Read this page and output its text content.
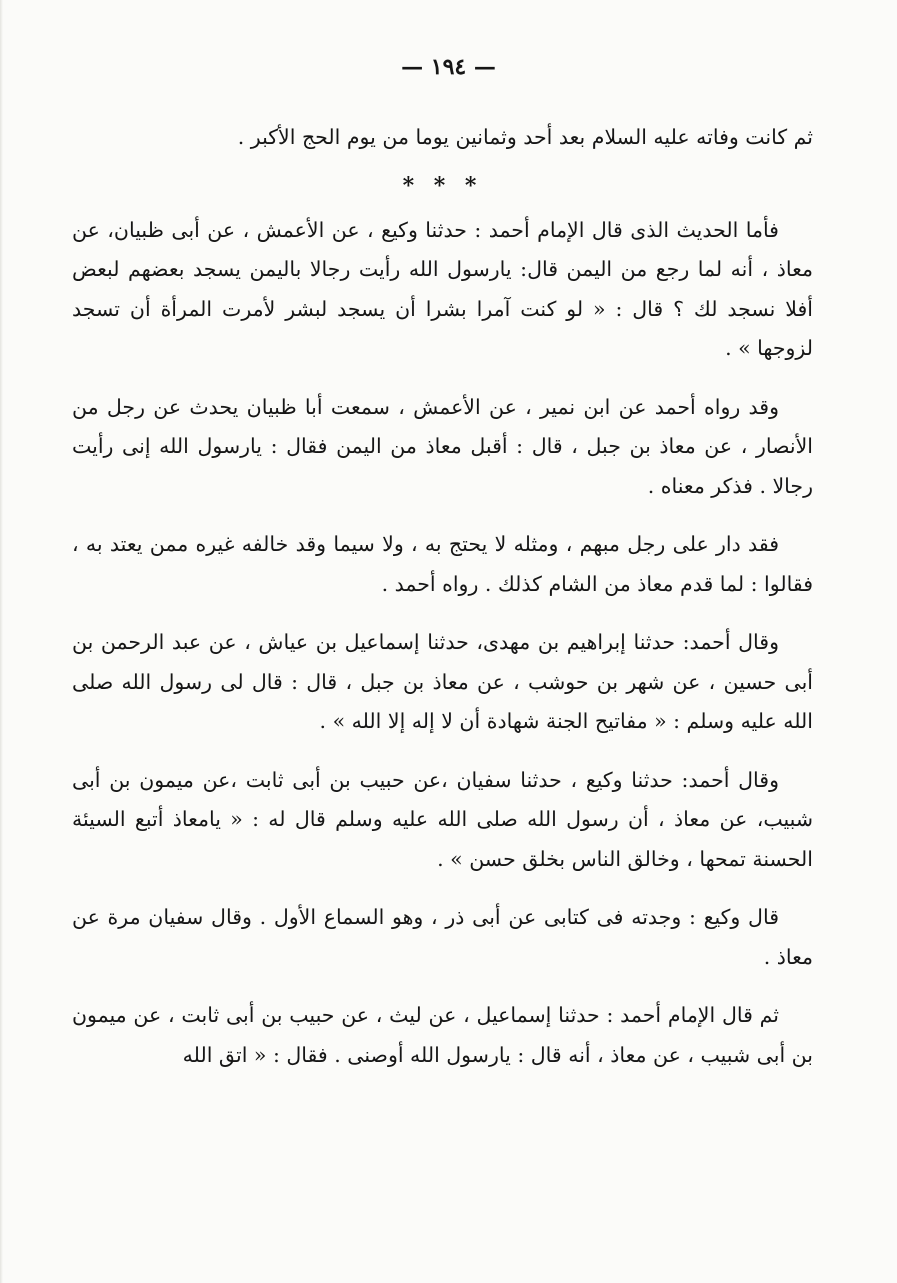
— ١٩٤ —

ثم كانت وفاته عليه السلام بعد أحد وثمانين يوما من يوم الحج الأكبر .

* * *

فأما الحديث الذى قال الإمام أحمد : حدثنا وكيع ، عن الأعمش ، عن أبى ظبيان، عن معاذ ، أنه لما رجع من اليمن قال: يارسول الله رأيت رجالا باليمن يسجد بعضهم لبعض أفلا نسجد لك ؟ قال : « لو كنت آمرا بشرا أن يسجد لبشر لأمرت المرأة أن تسجد لزوجها » .

وقد رواه أحمد عن ابن نمير ، عن الأعمش ، سمعت أبا ظبيان يحدث عن رجل من الأنصار ، عن معاذ بن جبل ، قال : أقبل معاذ من اليمن فقال : يارسول الله إنى رأيت رجالا . فذكر معناه .

فقد دار على رجل مبهم ، ومثله لا يحتج به ، ولا سيما وقد خالفه غيره ممن يعتد به ، فقالوا : لما قدم معاذ من الشام كذلك . رواه أحمد .

وقال أحمد: حدثنا إبراهيم بن مهدى، حدثنا إسماعيل بن عياش ، عن عبد الرحمن بن أبى حسين ، عن شهر بن حوشب ، عن معاذ بن جبل ، قال : قال لى رسول الله صلى الله عليه وسلم : « مفاتيح الجنة شهادة أن لا إله إلا الله » .

وقال أحمد: حدثنا وكيع ، حدثنا سفيان ،عن حبيب بن أبى ثابت ،عن ميمون بن أبى شبيب، عن معاذ ، أن رسول الله صلى الله عليه وسلم قال له : « يامعاذ أتبع السيئة الحسنة تمحها ، وخالق الناس بخلق حسن » .

قال وكيع : وجدته فى كتابى عن أبى ذر ، وهو السماع الأول . وقال سفيان مرة عن معاذ .

ثم قال الإمام أحمد : حدثنا إسماعيل ، عن ليث ، عن حبيب بن أبى ثابت ، عن ميمون بن أبى شبيب ، عن معاذ ، أنه قال : يارسول الله أوصنى . فقال : « اتق الله
